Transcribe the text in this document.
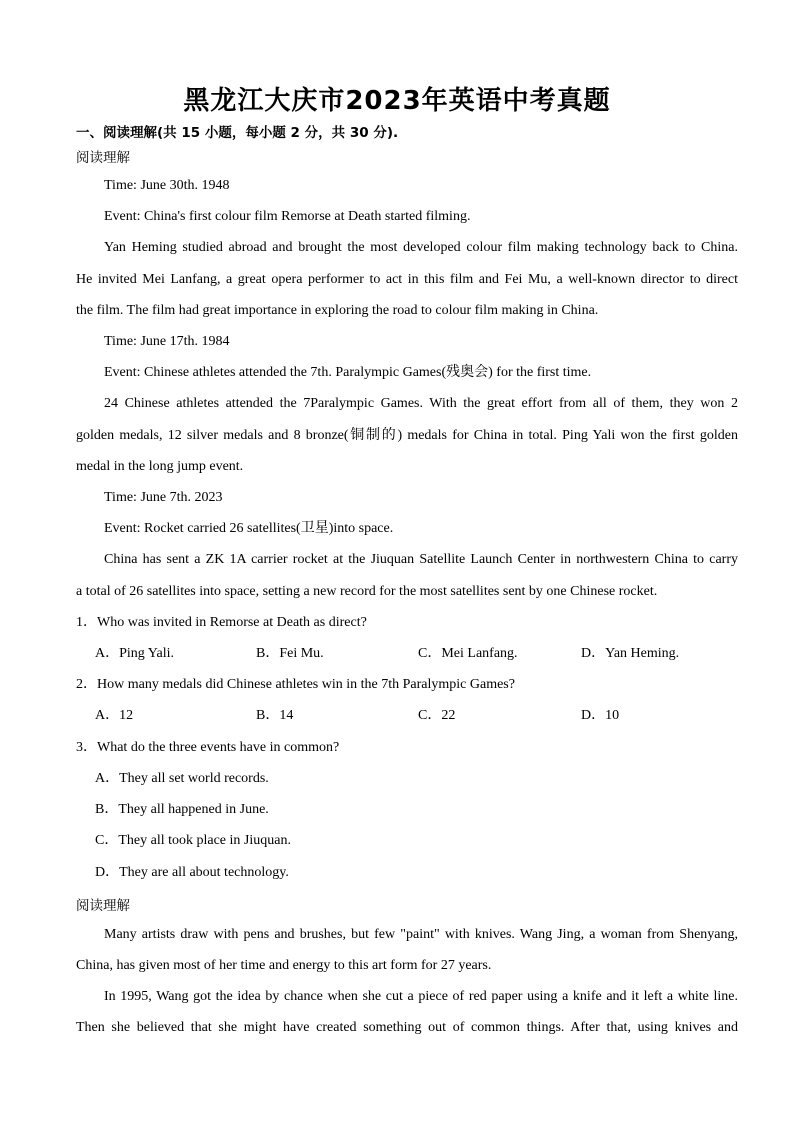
黑龙江大庆市2023年英语中考真题
一、阅读理解(共 15 小题，每小题 2 分，共 30 分).
阅读理解
Time: June 30th. 1948
Event: China's first colour film Remorse at Death started filming.
Yan Heming studied abroad and brought the most developed colour film making technology back to China.
He invited Mei Lanfang, a great opera performer to act in this film and Fei Mu, a well-known director to direct
the film. The film had great importance in exploring the road to colour film making in China.
Time: June 17th. 1984
Event: Chinese athletes attended the 7th. Paralympic Games(残奥会) for the first time.
24 Chinese athletes attended the 7Paralympic Games. With the great effort from all of them, they won 2
golden medals, 12 silver medals and 8 bronze(铜制的) medals for China in total. Ping Yali won the first golden
medal in the long jump event.
Time: June 7th. 2023
Event: Rocket carried 26 satellites(卫星)into space.
China has sent a ZK 1A carrier rocket at the Jiuquan Satellite Launch Center in northwestern China to carry
a total of 26 satellites into space, setting a new record for the most satellites sent by one Chinese rocket.
1．Who was invited in Remorse at Death as direct?
A．Ping Yali.	B．Fei Mu.	C．Mei Lanfang.	D．Yan Heming.
2．How many medals did Chinese athletes win in the 7th Paralympic Games?
A．12	B．14	C．22	D．10
3．What do the three events have in common?
A．They all set world records.
B．They all happened in June.
C．They all took place in Jiuquan.
D．They are all about technology.
阅读理解
Many artists draw with pens and brushes, but few "paint" with knives. Wang Jing, a woman from Shenyang,
China, has given most of her time and energy to this art form for 27 years.
In 1995, Wang got the idea by chance when she cut a piece of red paper using a knife and it left a white line.
Then she believed that she might have created something out of common things. After that, using knives and
